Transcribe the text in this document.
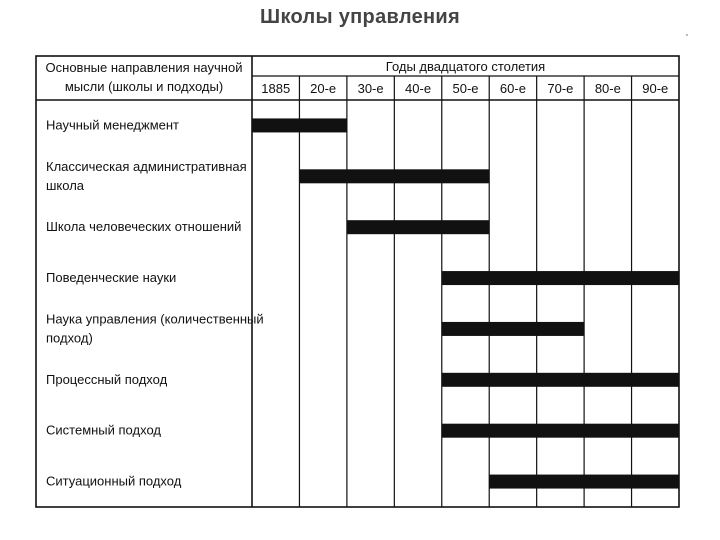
Школы управления
Основные направления научной
мысли (школы и подходы)
Годы двадцатого столетия
1885 20-е 30-е 40-е 50-е 60-е 70-е 80-е 90-е
Научный менеджмент
Классическая административная
школа
Школа человеческих отношений
Поведенческие науки
Наука управления (количественный
подход)
Процессный подход
Системный подход
Ситуационный подход
